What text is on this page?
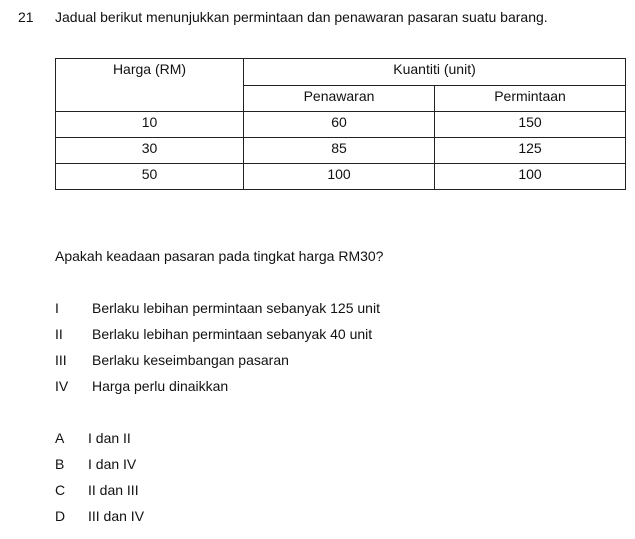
21 Jadual berikut menunjukkan permintaan dan penawaran pasaran suatu barang.
Harga (RM)	Kuantiti (unit)	
	Penawaran	Permintaan
10	60	150
30	85	125
50	100	100
Apakah keadaan pasaran pada tingkat harga RM30?
I Berlaku lebihan permintaan sebanyak 125 unit
II Berlaku lebihan permintaan sebanyak 40 unit
III Berlaku keseimbangan pasaran
IV Harga perlu dinaikkan
A I dan II
B I dan IV
C II dan III
D III dan IV
